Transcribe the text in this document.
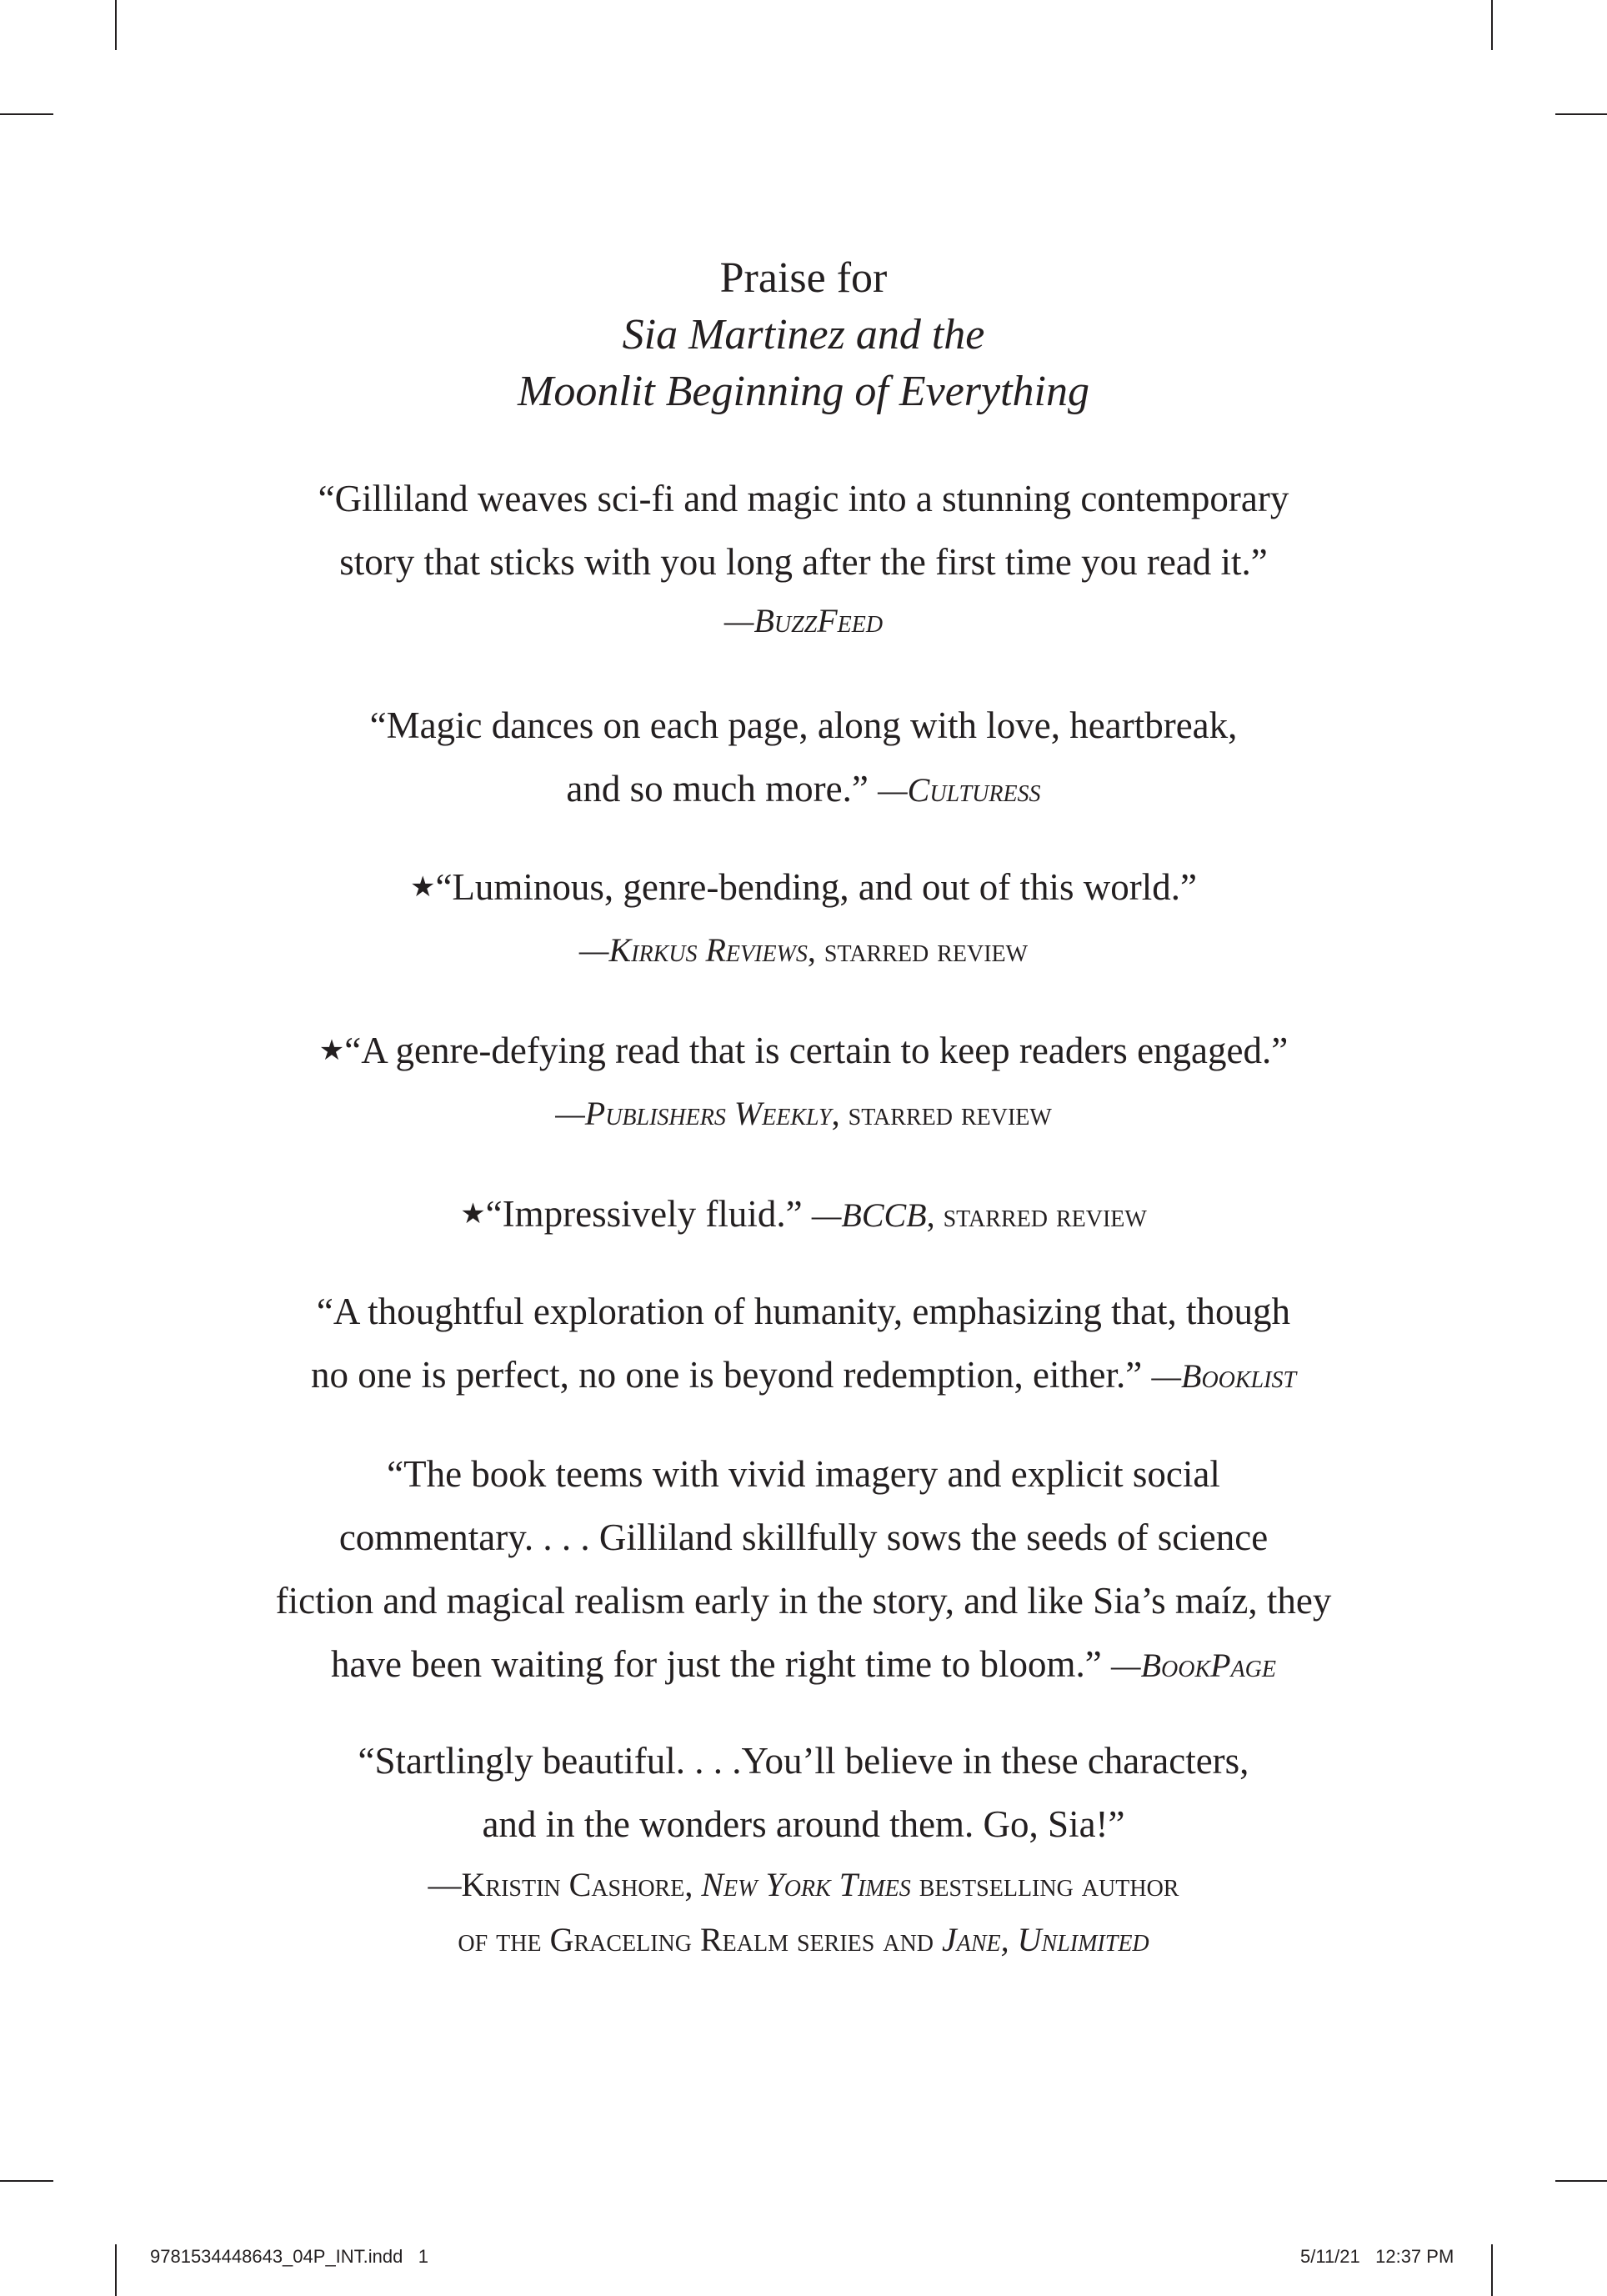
Praise for
Sia Martinez and the
Moonlit Beginning of Everything
“Gilliland weaves sci-fi and magic into a stunning contemporary
story that sticks with you long after the first time you read it.”
—BuzzFeed
“Magic dances on each page, along with love, heartbreak,
and so much more.” —Culturess
★“Luminous, genre-bending, and out of this world.”
—Kirkus Reviews, starred review
★“A genre-defying read that is certain to keep readers engaged.”
—Publishers Weekly, starred review
★“Impressively fluid.” —BCCB, starred review
“A thoughtful exploration of humanity, emphasizing that, though
no one is perfect, no one is beyond redemption, either.” —Booklist
“The book teems with vivid imagery and explicit social
commentary. . . . Gilliland skillfully sows the seeds of science
fiction and magical realism early in the story, and like Sia’s maíz, they
have been waiting for just the right time to bloom.” —BookPage
“Startlingly beautiful. . . .You’ll believe in these characters,
and in the wonders around them. Go, Sia!”
—Kristin Cashore, New York Times bestselling author
of the Graceling Realm series and Jane, Unlimited
9781534448643_04P_INT.indd   1	5/11/21   12:37 PM
